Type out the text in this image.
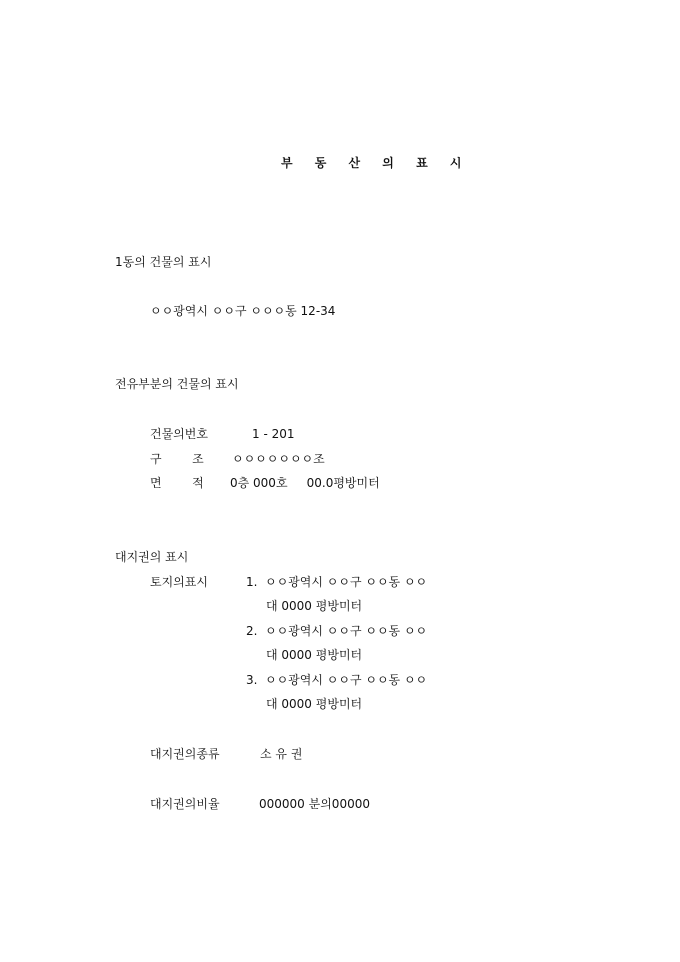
부 동 산 의 표 시
1동의 건물의 표시
ㅇㅇ광역시 ㅇㅇ구 ㅇㅇㅇ동 12-34
전유부분의 건물의 표시
건물의번호	1 - 201
구        조 ㅇㅇㅇㅇㅇㅇㅇ조
면        적 0층 000호     00.0평방미터
대지권의 표시
토지의표시	1. ㅇㅇ광역시 ㅇㅇ구 ㅇㅇ동 ㅇㅇ
대 0000 평방미터
2. ㅇㅇ광역시 ㅇㅇ구 ㅇㅇ동 ㅇㅇ
대 0000 평방미터
3. ㅇㅇ광역시 ㅇㅇ구 ㅇㅇ동 ㅇㅇ
대 0000 평방미터
대지권의종류	소 유 권
대지권의비율	000000 분의00000
